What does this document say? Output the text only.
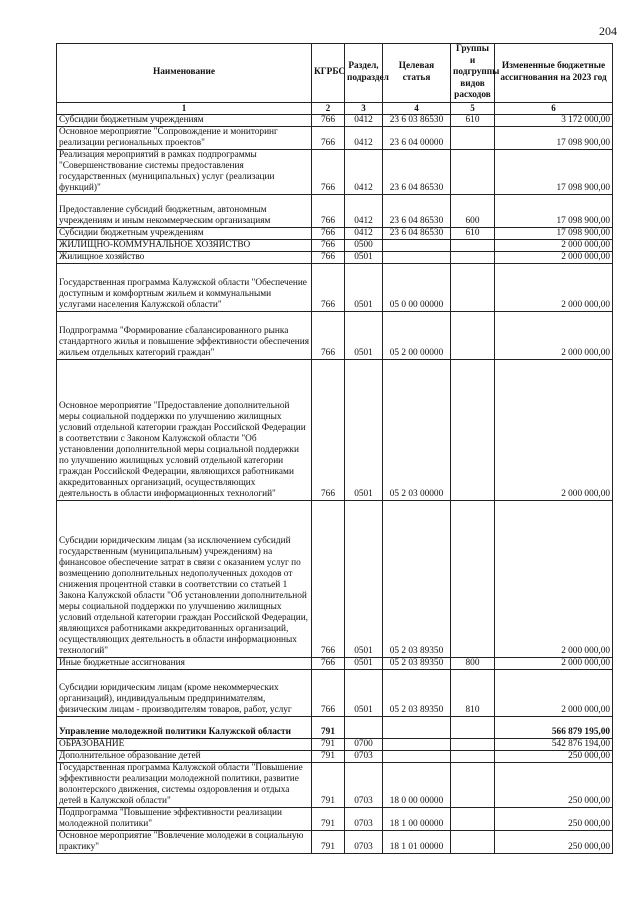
204
Наименование	КГРБС	Раздел, подраздел	Целевая статья	Группы и подгруппы видов расходов	Измененные бюджетные ассигнования на 2023 год
1	2	3	4	5	6
Субсидии бюджетным учреждениям	766	0412	23 6 03 86530	610	3 172 000,00
Основное мероприятие "Сопровождение и мониторинг реализации региональных проектов"	766	0412	23 6 04 00000		17 098 900,00
Реализация мероприятий в рамках подпрограммы "Совершенствование системы предоставления государственных (муниципальных) услуг (реализации функций)"	766	0412	23 6 04 86530		17 098 900,00
Предоставление субсидий бюджетным, автономным учреждениям и иным некоммерческим организациям	766	0412	23 6 04 86530	600	17 098 900,00
Субсидии бюджетным учреждениям	766	0412	23 6 04 86530	610	17 098 900,00
ЖИЛИЩНО-КОММУНАЛЬНОЕ ХОЗЯЙСТВО	766	0500			2 000 000,00
Жилищное хозяйство	766	0501			2 000 000,00
Государственная программа Калужской области "Обеспечение доступным и комфортным жильем и коммунальными услугами населения Калужской области"	766	0501	05 0 00 00000		2 000 000,00
Подпрограмма "Формирование сбалансированного рынка стандартного жилья и повышение эффективности обеспечения жильем отдельных категорий граждан"	766	0501	05 2 00 00000		2 000 000,00
Основное мероприятие "Предоставление дополнительной меры социальной поддержки по улучшению жилищных условий отдельной категории граждан Российской Федерации в соответствии с Законом Калужской области "Об установлении дополнительной меры социальной поддержки по улучшению жилищных условий отдельной категории граждан Российской Федерации, являющихся работниками аккредитованных организаций, осуществляющих деятельность в области информационных технологий"	766	0501	05 2 03 00000		2 000 000,00
Субсидии юридическим лицам (за исключением субсидий государственным (муниципальным) учреждениям) на финансовое обеспечение затрат в связи с оказанием услуг по возмещению дополнительных недополученных доходов от снижения процентной ставки в соответствии со статьей 1 Закона Калужской области "Об установлении дополнительной меры социальной поддержки по улучшению жилищных условий отдельной категории граждан Российской Федерации, являющихся работниками аккредитованных организаций, осуществляющих деятельность в области информационных технологий"	766	0501	05 2 03 89350		2 000 000,00
Иные бюджетные ассигнования	766	0501	05 2 03 89350	800	2 000 000,00
Субсидии юридическим лицам (кроме некоммерческих организаций), индивидуальным предпринимателям, физическим лицам - производителям товаров, работ, услуг	766	0501	05 2 03 89350	810	2 000 000,00
Управление молодежной политики Калужской области	791				566 879 195,00
ОБРАЗОВАНИЕ	791	0700			542 876 194,00
Дополнительное образование детей	791	0703			250 000,00
Государственная программа Калужской области "Повышение эффективности реализации молодежной политики, развитие волонтерского движения, системы оздоровления и отдыха детей в Калужской области"	791	0703	18 0 00 00000		250 000,00
Подпрограмма "Повышение эффективности реализации молодежной политики"	791	0703	18 1 00 00000		250 000,00
Основное мероприятие "Вовлечение молодежи в социальную практику"	791	0703	18 1 01 00000		250 000,00
